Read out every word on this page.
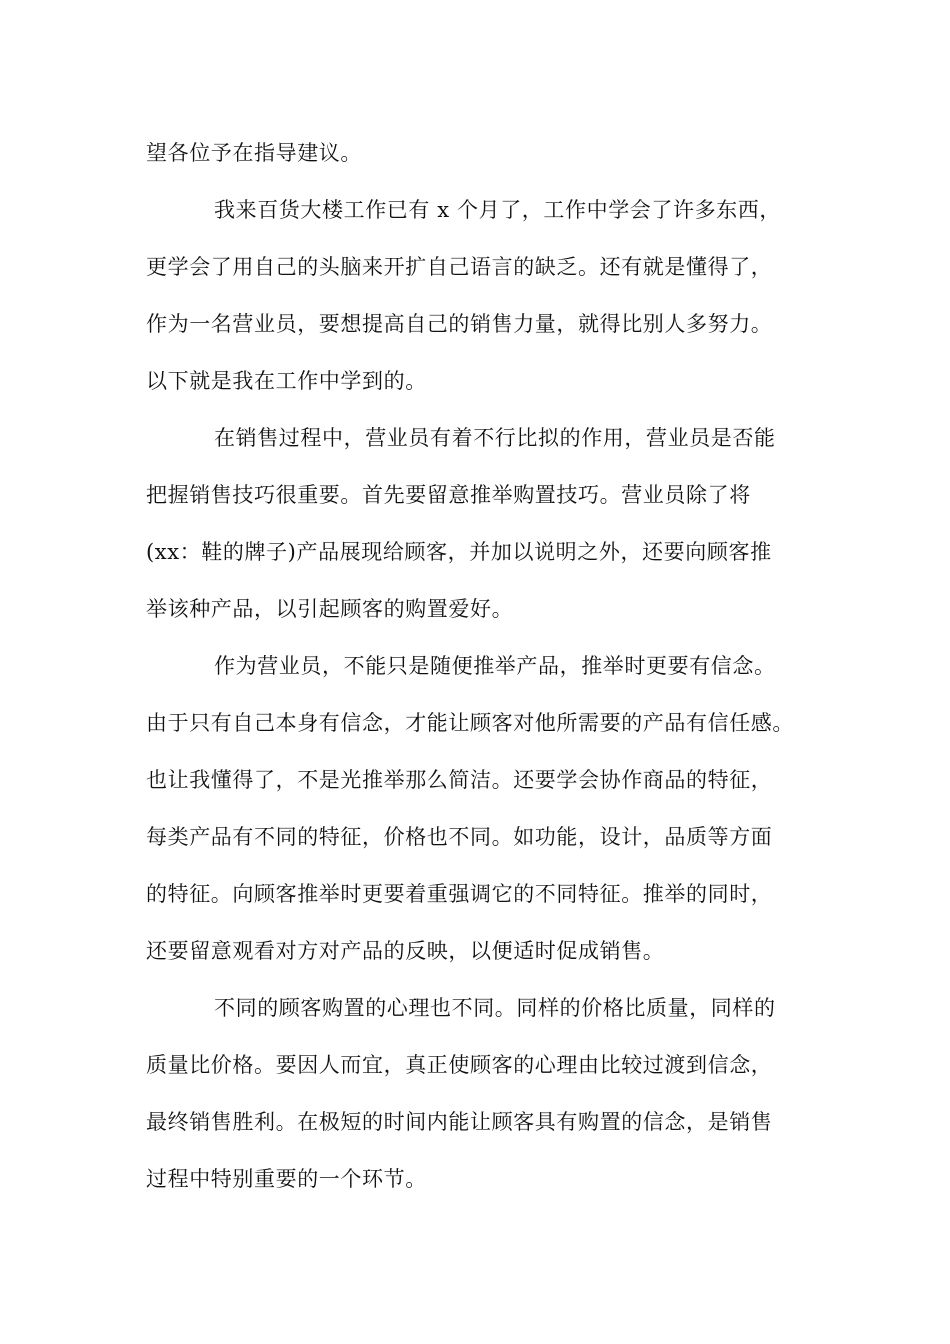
望各位予在指导建议。
我来百货大楼工作已有 x 个月了，工作中学会了许多东西，
更学会了用自己的头脑来开扩自己语言的缺乏。还有就是懂得了，
作为一名营业员，要想提高自己的销售力量，就得比别人多努力。
以下就是我在工作中学到的。
在销售过程中，营业员有着不行比拟的作用，营业员是否能
把握销售技巧很重要。首先要留意推举购置技巧。营业员除了将
(xx：鞋的牌子)产品展现给顾客，并加以说明之外，还要向顾客推
举该种产品，以引起顾客的购置爱好。
作为营业员，不能只是随便推举产品，推举时更要有信念。
由于只有自己本身有信念，才能让顾客对他所需要的产品有信任感。
也让我懂得了，不是光推举那么简洁。还要学会协作商品的特征，
每类产品有不同的特征，价格也不同。如功能，设计，品质等方面
的特征。向顾客推举时更要着重强调它的不同特征。推举的同时，
还要留意观看对方对产品的反映，以便适时促成销售。
不同的顾客购置的心理也不同。同样的价格比质量，同样的
质量比价格。要因人而宜，真正使顾客的心理由比较过渡到信念，
最终销售胜利。在极短的时间内能让顾客具有购置的信念，是销售
过程中特别重要的一个环节。
